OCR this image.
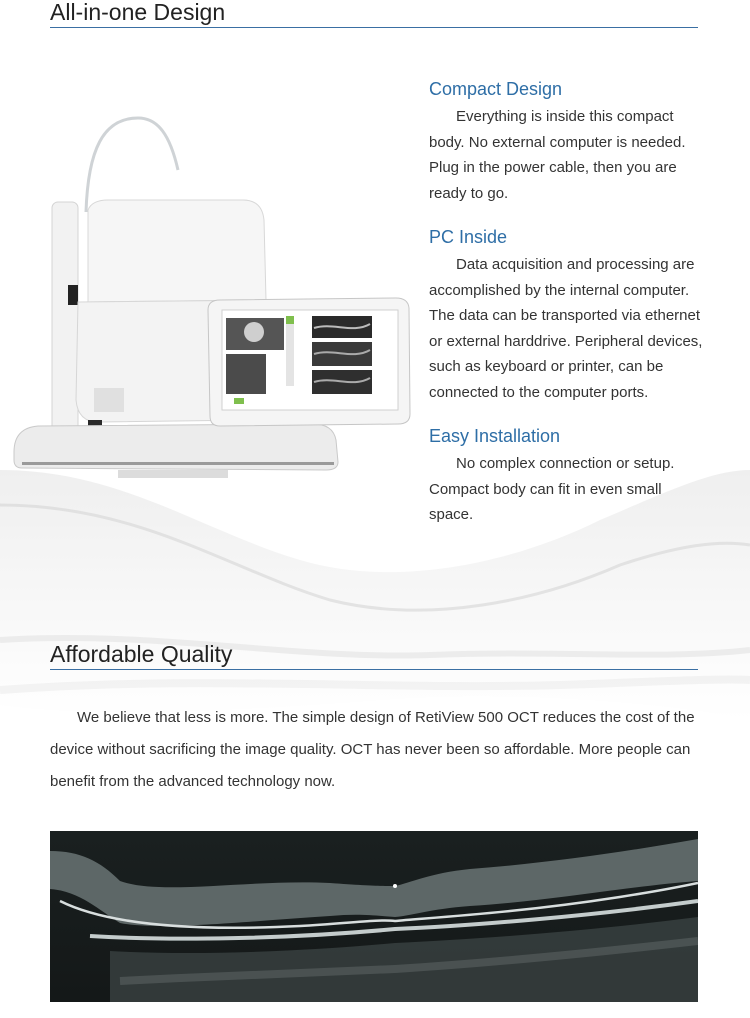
All-in-one Design
Compact Design

Everything is inside this compact body. No external computer is needed. Plug in the power cable, then you are ready to go.

PC Inside

Data acquisition and processing are accomplished by the internal computer. The data can be transported via ethernet or external harddrive. Peripheral devices, such as keyboard or printer, can be connected to the computer ports.

Easy Installation

No complex connection or setup. Compact body can fit in even small space.

Affordable Quality

We believe that less is more. The simple design of RetiView 500 OCT reduces the cost of the device without sacrificing the image quality. OCT has never been so affordable. More people can benefit from the advanced technology now.
